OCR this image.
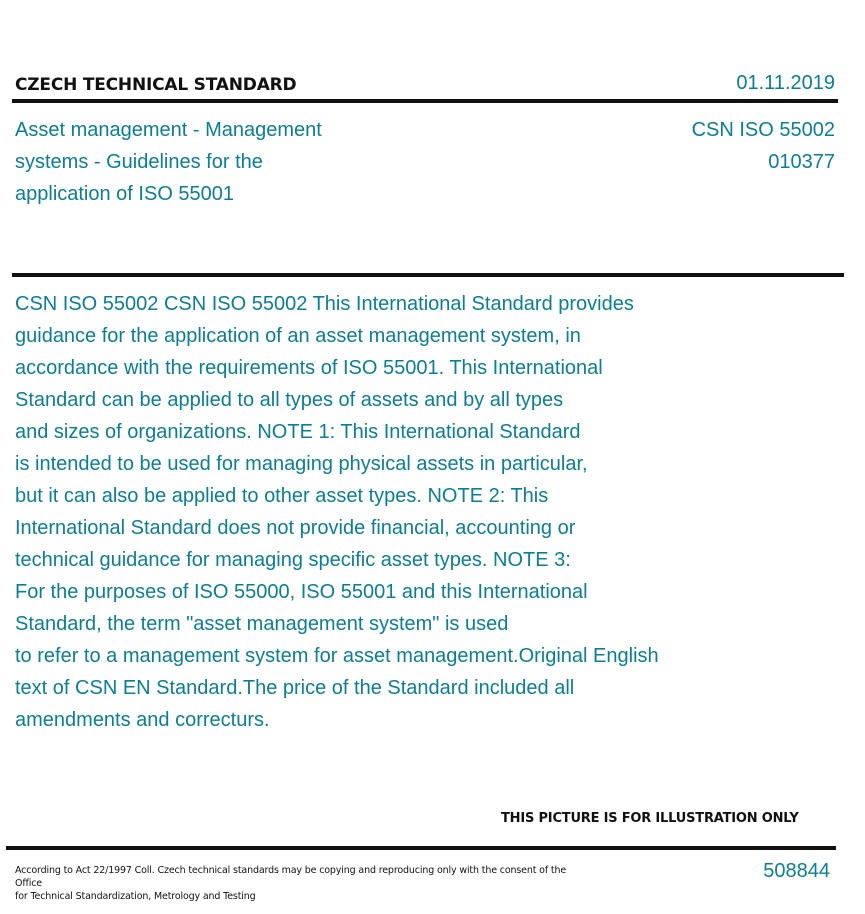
CZECH TECHNICAL STANDARD	01.11.2019
Asset management - Management
systems - Guidelines for the
application of ISO 55001
CSN ISO 55002
010377
CSN ISO 55002 CSN ISO 55002 This International Standard provides
guidance for the application of an asset management system, in
accordance with the requirements of ISO 55001. This International
Standard can be applied to all types of assets and by all types
and sizes of organizations. NOTE 1: This International Standard
is intended to be used for managing physical assets in particular,
but it can also be applied to other asset types. NOTE 2: This
International Standard does not provide financial, accounting or
technical guidance for managing specific asset types. NOTE 3:
For the purposes of ISO 55000, ISO 55001 and this International
Standard, the term "asset management system" is used
to refer to a management system for asset management.Original English
text of CSN EN Standard.The price of the Standard included all
amendments and correcturs.
THIS PICTURE IS FOR ILLUSTRATION ONLY
According to Act 22/1997 Coll. Czech technical standards may be copying and reproducing only with the consent of the Office
for Technical Standardization, Metrology and Testing
508844
